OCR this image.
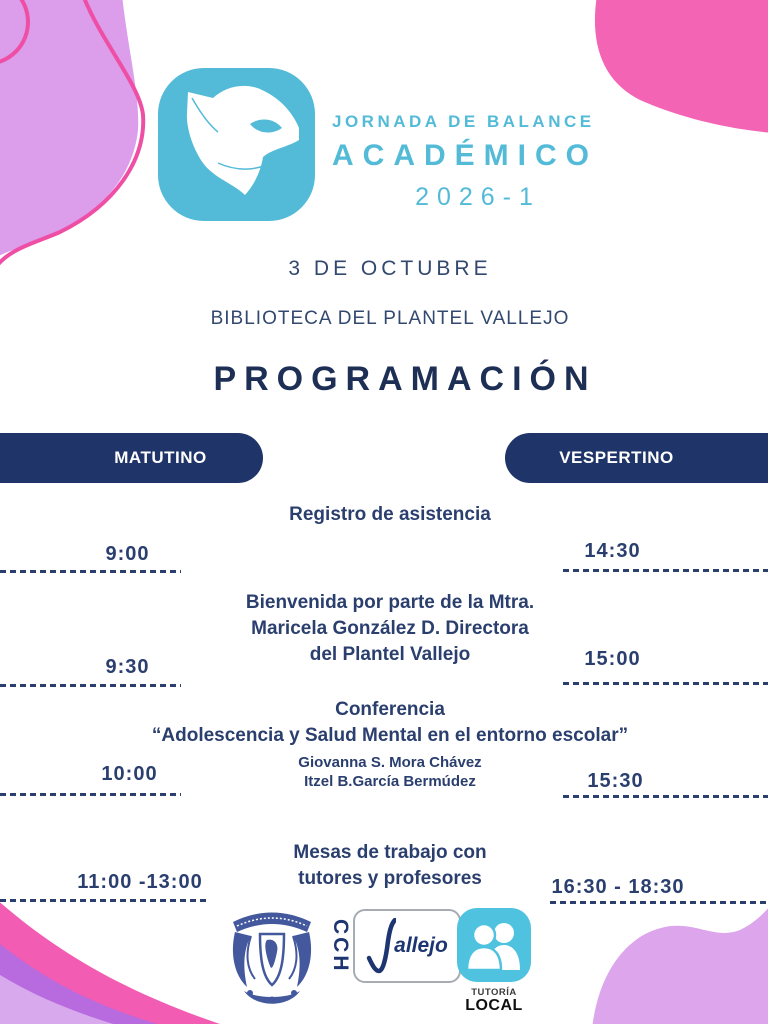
JORNADA DE BALANCE
ACADÉMICO
2026-1
3 DE OCTUBRE
BIBLIOTECA DEL PLANTEL VALLEJO
PROGRAMACIÓN
MATUTINO	VESPERTINO
Registro de asistencia
9:00	14:30
Bienvenida por parte de la Mtra.
Maricela González D. Directora
del Plantel Vallejo
9:30	15:00
Conferencia
“Adolescencia y Salud Mental en el entorno escolar”
Giovanna S. Mora Chávez
Itzel B.García Bermúdez
10:00	15:30
Mesas de trabajo con
tutores y profesores
11:00 -13:00	16:30 - 18:30
CCH allejo
TUTORÍA
LOCAL
